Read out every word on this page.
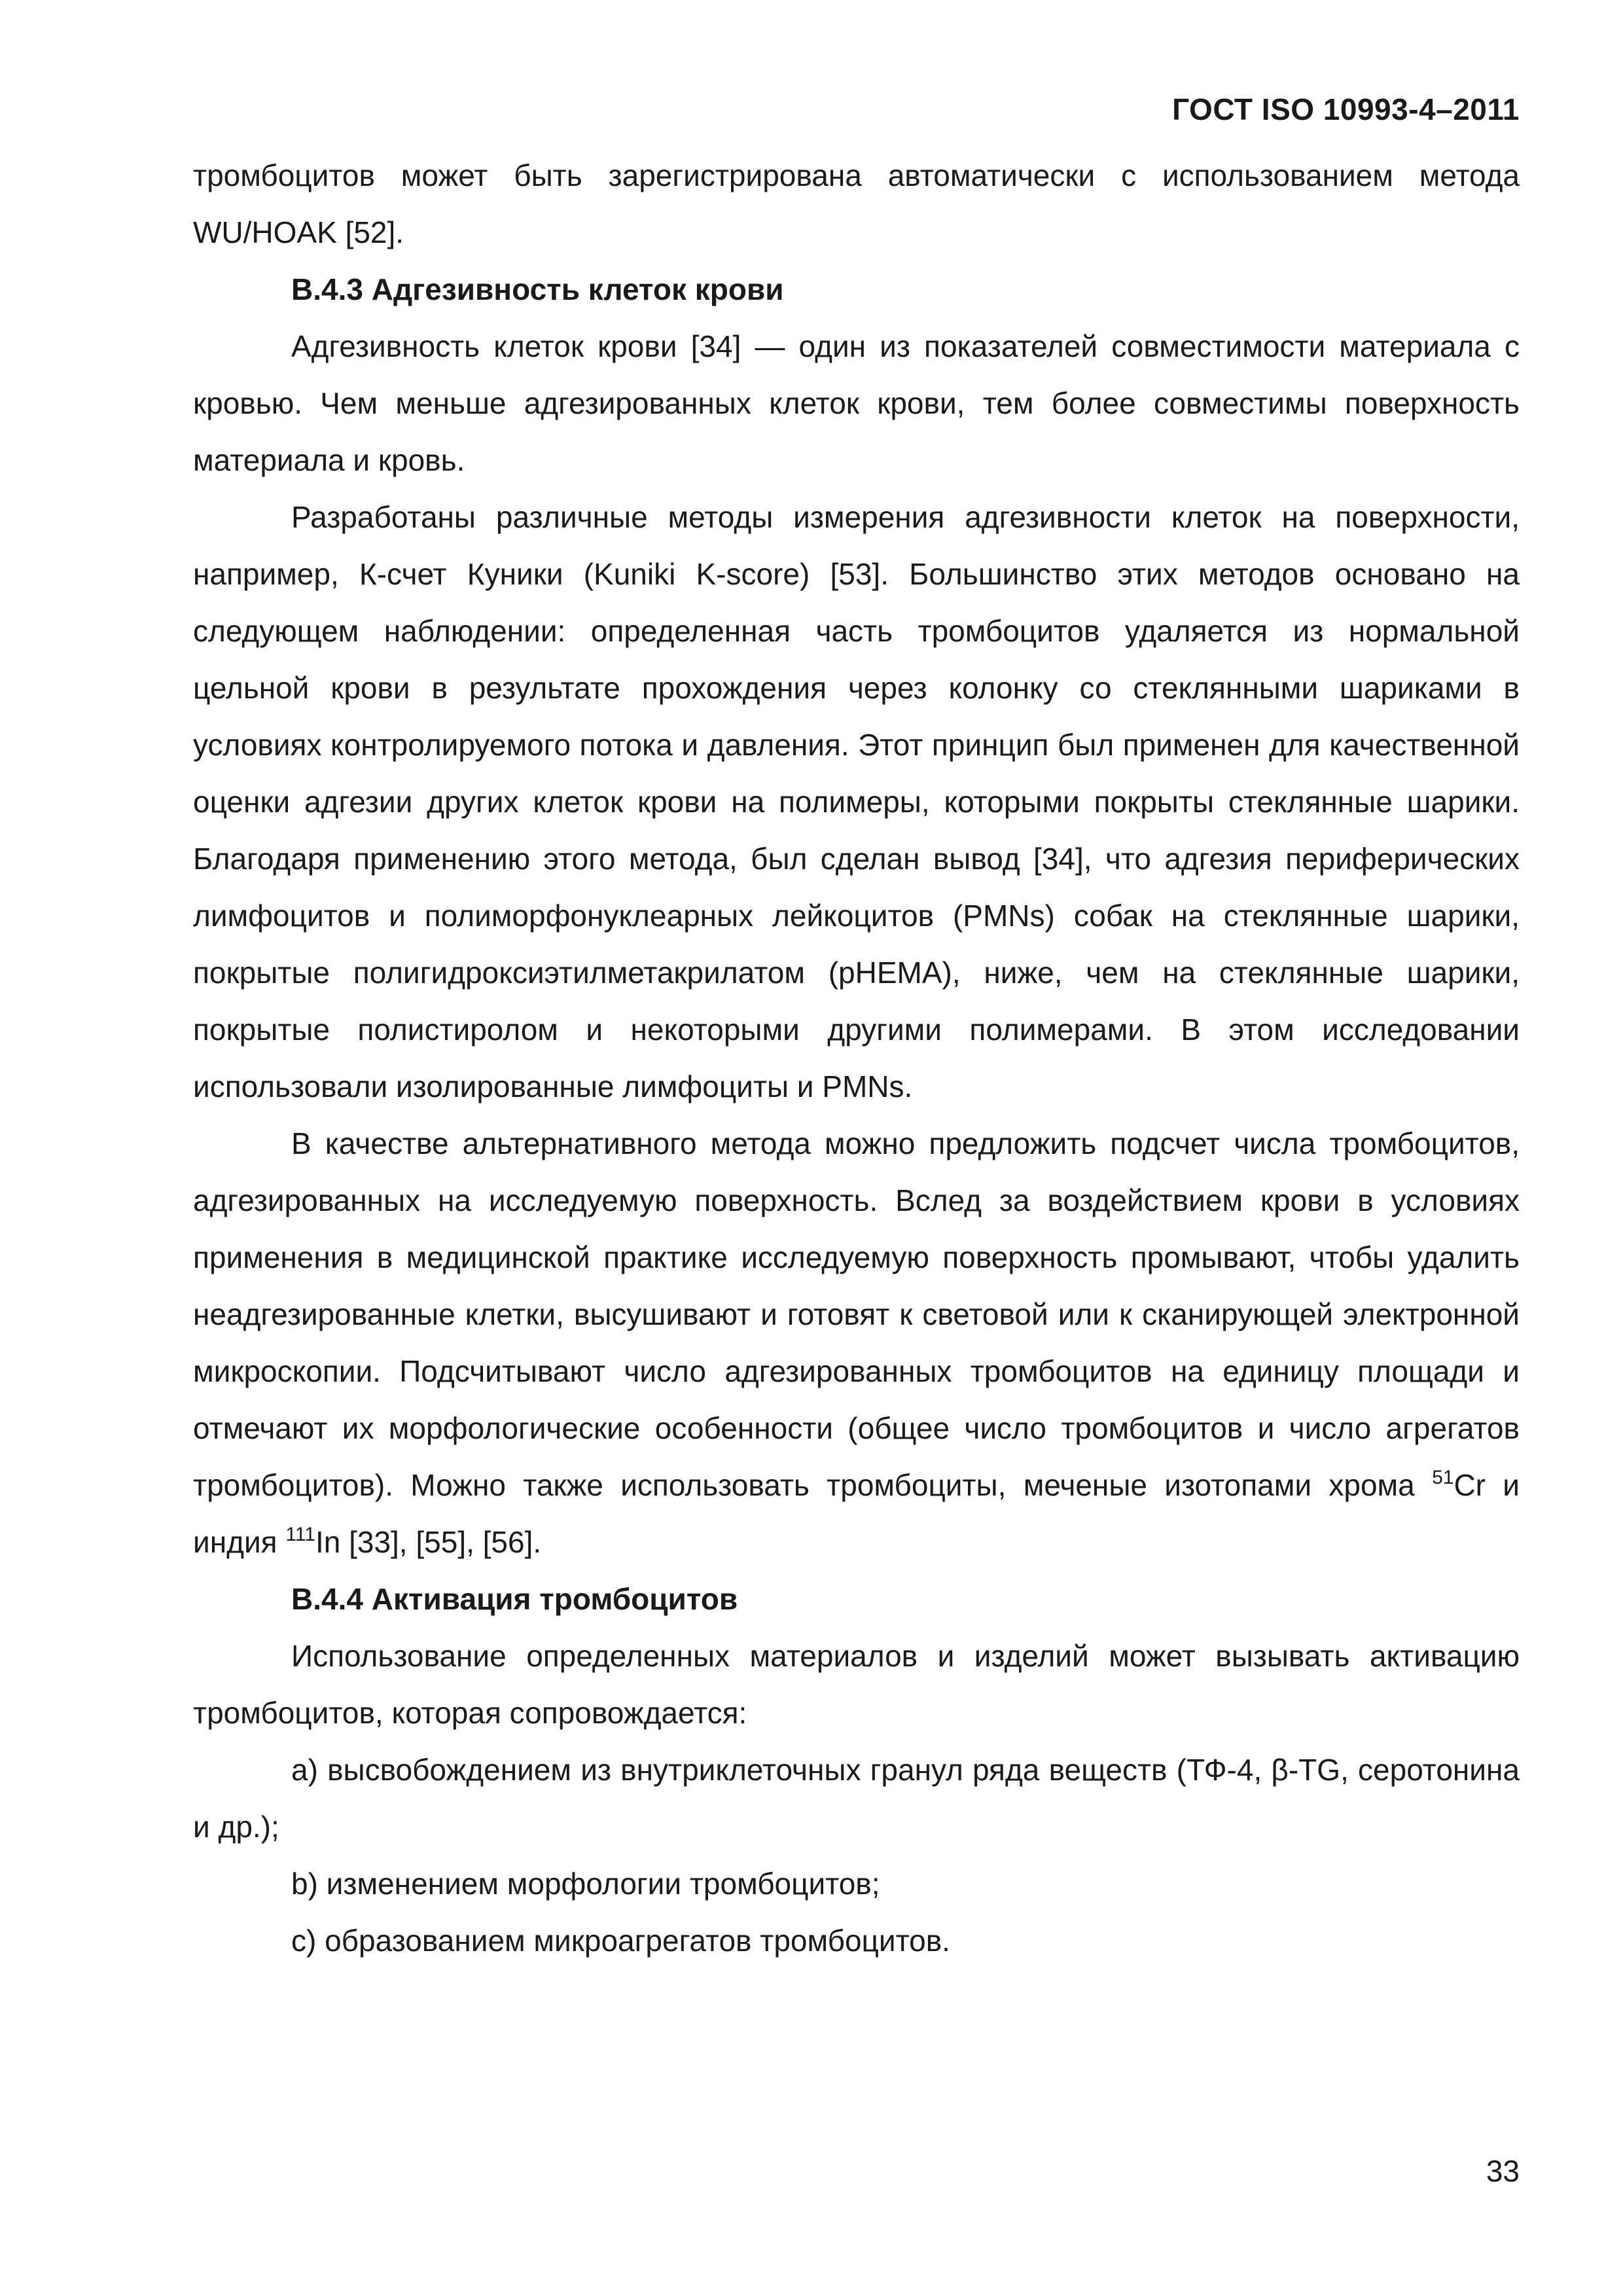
ГОСТ ISO 10993-4–2011

тромбоцитов может быть зарегистрирована автоматически с использованием метода WU/HOAK [52].

В.4.3 Адгезивность клеток крови

Адгезивность клеток крови [34] — один из показателей совместимости материала с кровью. Чем меньше адгезированных клеток крови, тем более совместимы поверхность материала и кровь.

Разработаны различные методы измерения адгезивности клеток на поверхности, например, К-счет Куники (Kuniki K-score) [53]. Большинство этих методов основано на следующем наблюдении: определенная часть тромбоцитов удаляется из нормальной цельной крови в результате прохождения через колонку со стеклянными шариками в условиях контролируемого потока и давления. Этот принцип был применен для качественной оценки адгезии других клеток крови на полимеры, которыми покрыты стеклянные шарики. Благодаря применению этого метода, был сделан вывод [34], что адгезия периферических лимфоцитов и полиморфонуклеарных лейкоцитов (PMNs) собак на стеклянные шарики, покрытые полигидроксиэтилметакрилатом (pHEMA), ниже, чем на стеклянные шарики, покрытые полистиролом и некоторыми другими полимерами. В этом исследовании использовали изолированные лимфоциты и PMNs.

В качестве альтернативного метода можно предложить подсчет числа тромбоцитов, адгезированных на исследуемую поверхность. Вслед за воздействием крови в условиях применения в медицинской практике исследуемую поверхность промывают, чтобы удалить неадгезированные клетки, высушивают и готовят к световой или к сканирующей электронной микроскопии. Подсчитывают число адгезированных тромбоцитов на единицу площади и отмечают их морфологические особенности (общее число тромбоцитов и число агрегатов тромбоцитов). Можно также использовать тромбоциты, меченые изотопами хрома $^{51}$Cr и индия $^{111}$In [33], [55], [56].

В.4.4 Активация тромбоцитов

Использование определенных материалов и изделий может вызывать активацию тромбоцитов, которая сопровождается:

a) высвобождением из внутриклеточных гранул ряда веществ (ТФ-4, β-TG, серотонина и др.);

b) изменением морфологии тромбоцитов;

c) образованием микроагрегатов тромбоцитов.

33
